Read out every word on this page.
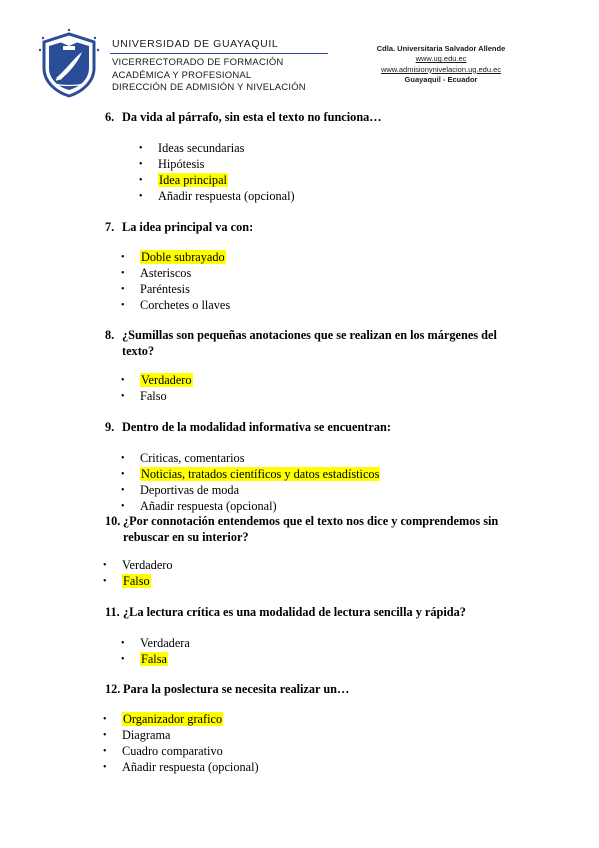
UNIVERSIDAD DE GUAYAQUIL
VICERRECTORADO DE FORMACIÓN
ACADÉMICA Y PROFESIONAL
DIRECCIÓN DE ADMISIÓN Y NIVELACIÓN
Cdla. Universitaria Salvador Allende
www.ug.edu.ec
www.admisionynivelacion.ug.edu.ec
Guayaquil - Ecuador
6. Da vida al párrafo, sin esta el texto no funciona…
• Ideas secundarias
• Hipótesis
• Idea principal
• Añadir respuesta (opcional)
7. La idea principal va con:
• Doble subrayado
• Asteriscos
• Paréntesis
• Corchetes o llaves
8. ¿Sumillas son pequeñas anotaciones que se realizan en los márgenes del
texto?
• Verdadero
• Falso
9. Dentro de la modalidad informativa se encuentran:
• Criticas, comentarios
• Noticias, tratados científicos y datos estadísticos
• Deportivas de moda
• Añadir respuesta (opcional)
10. ¿Por connotación entendemos que el texto nos dice y comprendemos sin
rebuscar en su interior?
• Verdadero
• Falso
11. ¿La lectura crítica es una modalidad de lectura sencilla y rápida?
• Verdadera
• Falsa
12. Para la poslectura se necesita realizar un…
• Organizador grafico
• Diagrama
• Cuadro comparativo
• Añadir respuesta (opcional)
